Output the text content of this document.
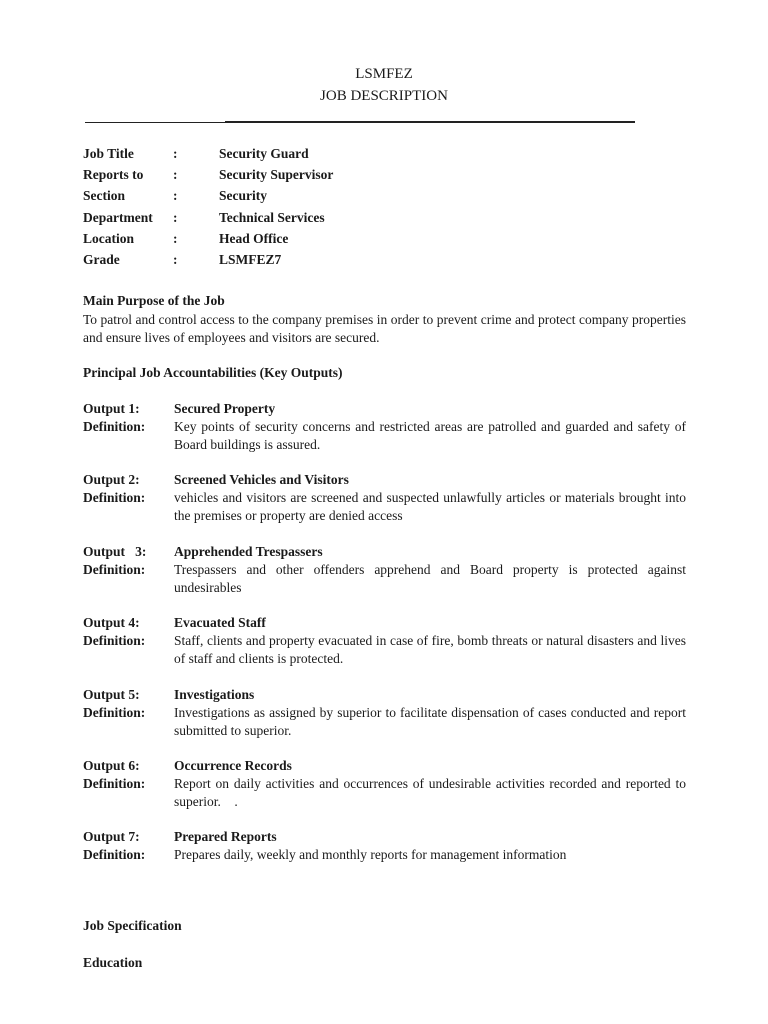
LSMFEZ
JOB DESCRIPTION
Job Title	:	Security Guard
Reports to :	Security Supervisor
Section	:	Security
Department :	Technical Services
Location	:	Head Office
Grade	:	LSMFEZ7
Main Purpose of the Job
To patrol and control access to the company premises in order to prevent crime and protect company properties and ensure lives of employees and visitors are secured.
Principal Job Accountabilities (Key Outputs)
Output 1:	Secured Property
Definition: Key points of security concerns and restricted areas are patrolled and guarded and safety of Board buildings is assured.
Output 2:	Screened Vehicles and Visitors
Definition: vehicles and visitors are screened and suspected unlawfully articles or materials brought into the premises or property are denied access
Output   3: Apprehended Trespassers
Definition: Trespassers and other offenders apprehend and Board property is protected against undesirables
Output 4:	Evacuated Staff
Definition: Staff, clients and property evacuated in case of fire, bomb threats or natural disasters and lives of staff and clients is protected.
Output 5:	Investigations
Definition: Investigations as assigned by superior to facilitate dispensation of cases conducted and report submitted to superior.
Output 6:	Occurrence Records
Definition: Report on daily activities and occurrences of undesirable activities recorded and reported to superior.    .
Output 7:	Prepared Reports
Definition: Prepares daily, weekly and monthly reports for management information
Job Specification
Education
